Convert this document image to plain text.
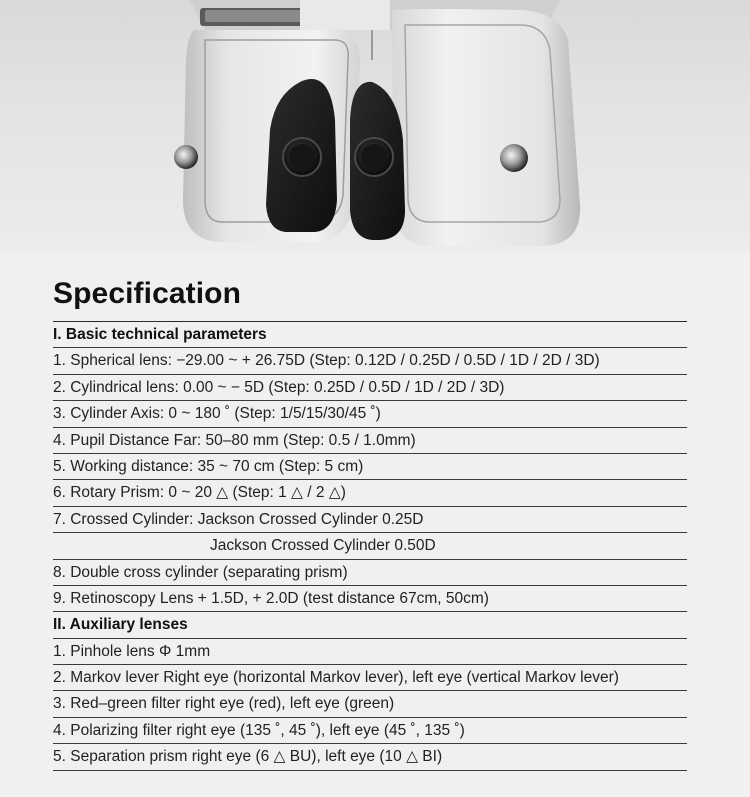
Specification
I. Basic technical parameters
1. Spherical lens: −29.00 ~ + 26.75D (Step: 0.12D / 0.25D / 0.5D / 1D / 2D / 3D)
2. Cylindrical lens: 0.00 ~ − 5D (Step: 0.25D / 0.5D / 1D / 2D / 3D)
3. Cylinder Axis: 0 ~ 180 ˚ (Step: 1/5/15/30/45 ˚)
4. Pupil Distance Far: 50–80 mm (Step: 0.5 / 1.0mm)
5. Working distance: 35 ~ 70 cm (Step: 5 cm)
6. Rotary Prism: 0 ~ 20 △ (Step: 1 △ / 2 △)
7. Crossed Cylinder: Jackson Crossed Cylinder 0.25D
Jackson Crossed Cylinder 0.50D
8. Double cross cylinder (separating prism)
9. Retinoscopy Lens + 1.5D, + 2.0D (test distance 67cm, 50cm)
II. Auxiliary lenses
1. Pinhole lens Φ 1mm
2. Markov lever Right eye (horizontal Markov lever), left eye (vertical Markov lever)
3. Red–green filter right eye (red), left eye (green)
4. Polarizing filter right eye (135 ˚, 45 ˚), left eye (45 ˚, 135 ˚)
5. Separation prism right eye (6 △ BU), left eye (10 △ BI)
